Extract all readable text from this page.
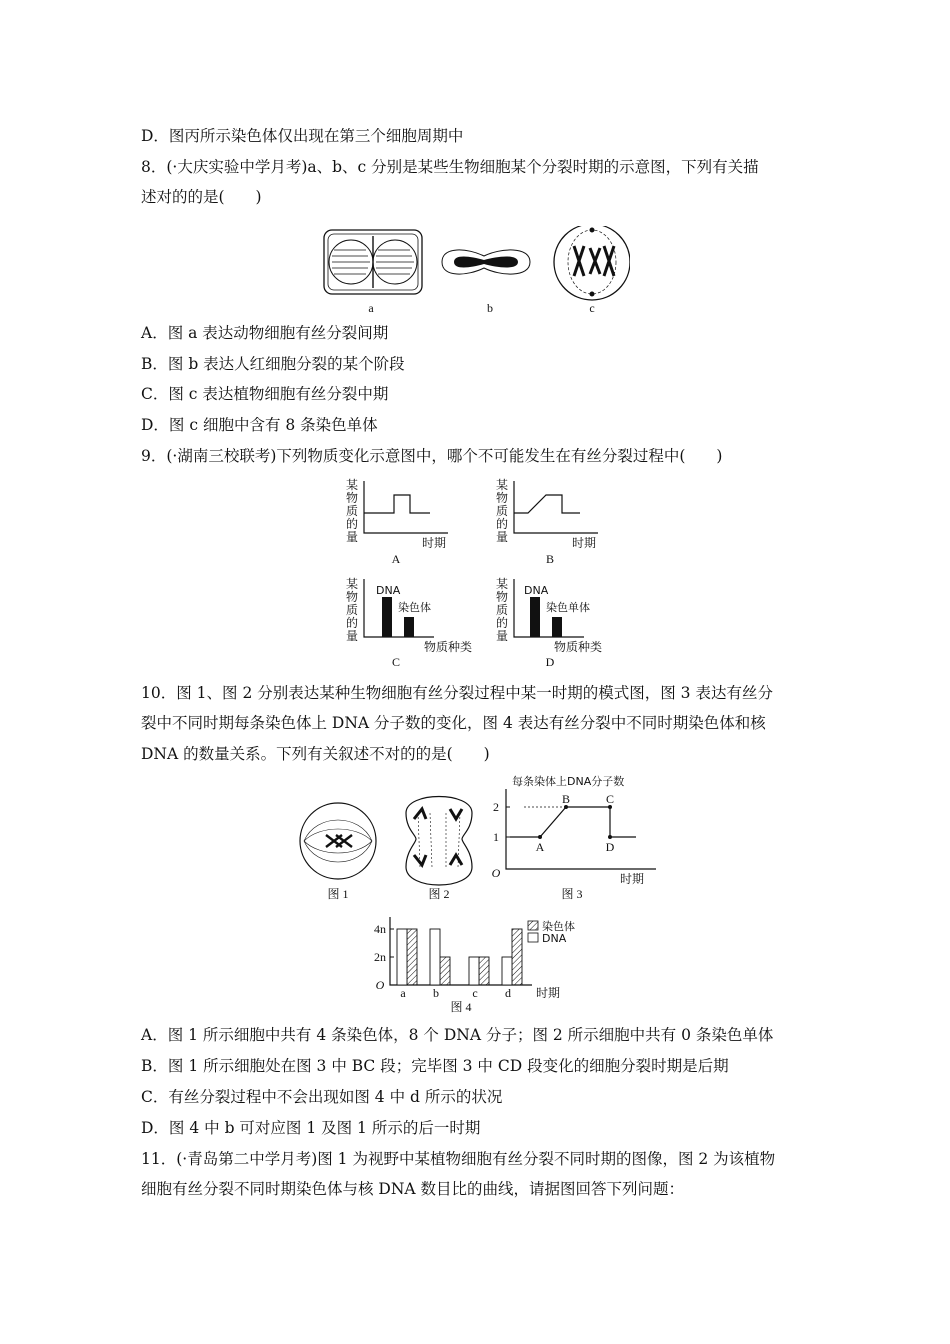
D．图丙所示染色体仅出现在第三个细胞周期中
8．(·大庆实验中学月考)a、b、c 分别是某些生物细胞某个分裂时期的示意图，下列有关描
述对的的是(　　)
A．图 a 表达动物细胞有丝分裂间期
B．图 b 表达人红细胞分裂的某个阶段
C．图 c 表达植物细胞有丝分裂中期
D．图 c 细胞中含有 8 条染色单体
9．(·湖南三校联考)下列物质变化示意图中，哪个不可能发生在有丝分裂过程中(　　)
10．图 1、图 2 分别表达某种生物细胞有丝分裂过程中某一时期的模式图，图 3 表达有丝分
裂中不同时期每条染色体上 DNA 分子数的变化，图 4 表达有丝分裂中不同时期染色体和核
DNA 的数量关系。下列有关叙述不对的的是(　　)
A．图 1 所示细胞中共有 4 条染色体，8 个 DNA 分子；图 2 所示细胞中共有 0 条染色单体
B．图 1 所示细胞处在图 3 中 BC 段；完毕图 3 中 CD 段变化的细胞分裂时期是后期
C．有丝分裂过程中不会出现如图 4 中 d 所示的状况
D．图 4 中 b 可对应图 1 及图 1 所示的后一时期
11．(·青岛第二中学月考)图 1 为视野中某植物细胞有丝分裂不同时期的图像，图 2 为该植物
细胞有丝分裂不同时期染色体与核 DNA 数目比的曲线，请据图回答下列问题：
a	b	c
某
物
质
的
量	时期
A
某
物
质
的
量	时期
B
某
物
质
的
量
DNA
染色体
物质种类
C
某
物
质
的
量
DNA
染色单体
物质种类
D
图 1	图 2
每条染体上DNA分子数
2
1
O
A
B	C
D
时期
图 3
4n
2n
O
a b	c d 时期
染色体
DNA
图 4
